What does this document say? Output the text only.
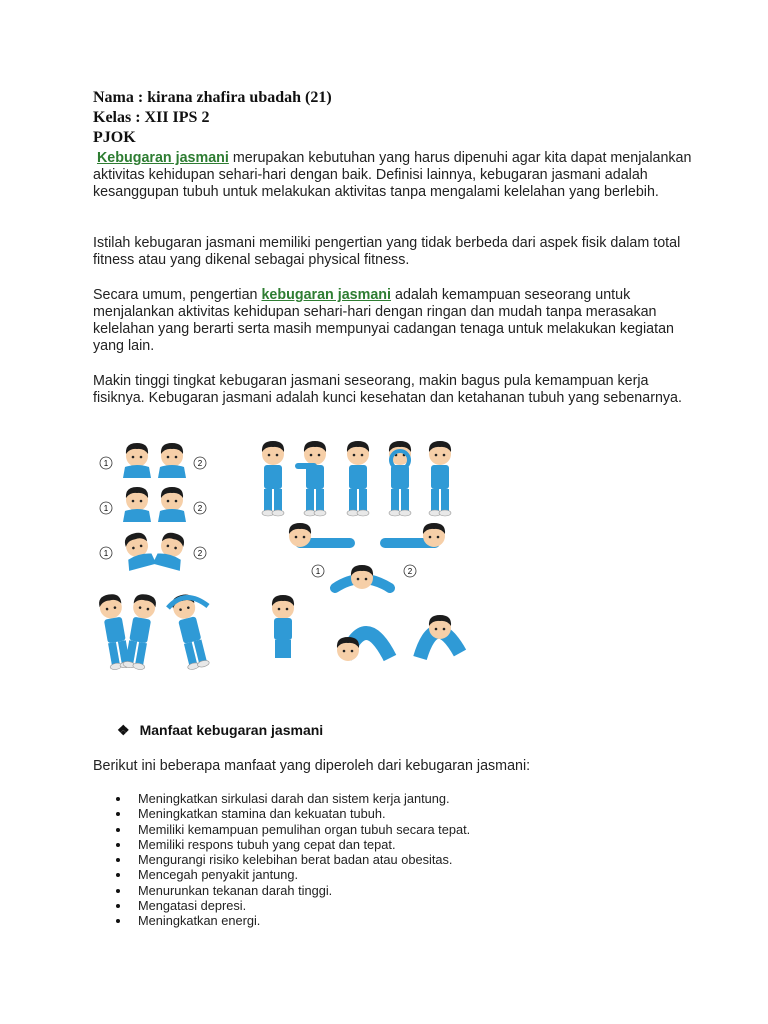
Nama : kirana zhafira ubadah (21)
Kelas : XII IPS 2
PJOK

Kebugaran jasmani merupakan kebutuhan yang harus dipenuhi agar kita dapat menjalankan aktivitas kehidupan sehari-hari dengan baik. Definisi lainnya, kebugaran jasmani adalah kesanggupan tubuh untuk melakukan aktivitas tanpa mengalami kelelahan yang berlebih.

Istilah kebugaran jasmani memiliki pengertian yang tidak berbeda dari aspek fisik dalam total fitness atau yang dikenal sebagai physical fitness.

Secara umum, pengertian kebugaran jasmani adalah kemampuan seseorang untuk menjalankan aktivitas kehidupan sehari-hari dengan ringan dan mudah tanpa merasakan kelelahan yang berarti serta masih mempunyai cadangan tenaga untuk melakukan kegiatan yang lain.

Makin tinggi tingkat kebugaran jasmani seseorang, makin bagus pula kemampuan kerja fisiknya. Kebugaran jasmani adalah kunci kesehatan dan ketahanan tubuh yang sebenarnya.

1	2
1	2
1	2
1	2
❖ Manfaat kebugaran jasmani

Berikut ini beberapa manfaat yang diperoleh dari kebugaran jasmani:

Meningkatkan sirkulasi darah dan sistem kerja jantung.
Meningkatkan stamina dan kekuatan tubuh.
Memiliki kemampuan pemulihan organ tubuh secara tepat.
Memiliki respons tubuh yang cepat dan tepat.
Mengurangi risiko kelebihan berat badan atau obesitas.
Mencegah penyakit jantung.
Menurunkan tekanan darah tinggi.
Mengatasi depresi.
Meningkatkan energi.
